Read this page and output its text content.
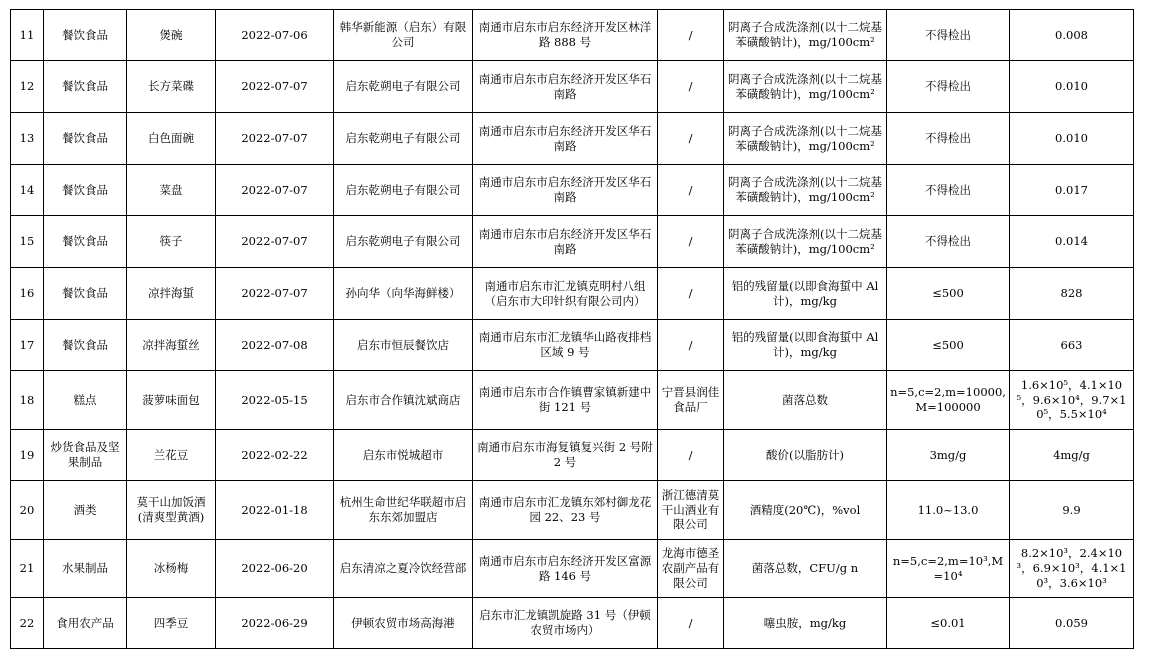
11	餐饮食品	煲碗	2022-07-06	韩华新能源（启东）有限公司	南通市启东市启东经济开发区林洋路 888 号	/	阴离子合成洗涤剂(以十二烷基苯磺酸钠计)，mg/100cm²	不得检出	0.008
12	餐饮食品	长方菜碟	2022-07-07	启东乾朔电子有限公司	南通市启东市启东经济开发区华石南路	/	阴离子合成洗涤剂(以十二烷基苯磺酸钠计)，mg/100cm²	不得检出	0.010
13	餐饮食品	白色面碗	2022-07-07	启东乾朔电子有限公司	南通市启东市启东经济开发区华石南路	/	阴离子合成洗涤剂(以十二烷基苯磺酸钠计)，mg/100cm²	不得检出	0.010
14	餐饮食品	菜盘	2022-07-07	启东乾朔电子有限公司	南通市启东市启东经济开发区华石南路	/	阴离子合成洗涤剂(以十二烷基苯磺酸钠计)，mg/100cm²	不得检出	0.017
15	餐饮食品	筷子	2022-07-07	启东乾朔电子有限公司	南通市启东市启东经济开发区华石南路	/	阴离子合成洗涤剂(以十二烷基苯磺酸钠计)，mg/100cm²	不得检出	0.014
16	餐饮食品	凉拌海蜇	2022-07-07	孙向华（向华海鲜楼）	南通市启东市汇龙镇克明村八组（启东市大印针织有限公司内）	/	铝的残留量(以即食海蜇中 Al 计)，mg/kg	≤500	828
17	餐饮食品	凉拌海蜇丝	2022-07-08	启东市恒辰餐饮店	南通市启东市汇龙镇华山路夜排档区域 9 号	/	铝的残留量(以即食海蜇中 Al 计)，mg/kg	≤500	663
18	糕点	菠萝味面包	2022-05-15	启东市合作镇沈斌商店	南通市启东市合作镇曹家镇新建中街 121 号	宁晋县润佳食品厂	菌落总数	n=5,c=2,m=10000,M=100000	1.6×10⁵，4.1×10⁵，9.6×10⁴，9.7×10⁵，5.5×10⁴
19	炒货食品及坚果制品	兰花豆	2022-02-22	启东市悦城超市	南通市启东市海复镇复兴街 2 号附 2 号	/	酸价(以脂肪计)	3mg/g	4mg/g
20	酒类	莫干山加饭酒(清爽型黄酒)	2022-01-18	杭州生命世纪华联超市启东东郊加盟店	南通市启东市汇龙镇东郊村御龙花园 22、23 号	浙江德清莫干山酒业有限公司	酒精度(20℃)，%vol	11.0~13.0	9.9
21	水果制品	冰杨梅	2022-06-20	启东清凉之夏冷饮经营部	南通市启东市启东经济开发区富源路 146 号	龙海市德圣农副产品有限公司	菌落总数，CFU/g n	n=5,c=2,m=10³,M=10⁴	8.2×10³，2.4×10³，6.9×10³，4.1×10³，3.6×10³
22	食用农产品	四季豆	2022-06-29	伊顿农贸市场高海港	启东市汇龙镇凯旋路 31 号（伊顿农贸市场内）	/	噻虫胺，mg/kg	≤0.01	0.059
